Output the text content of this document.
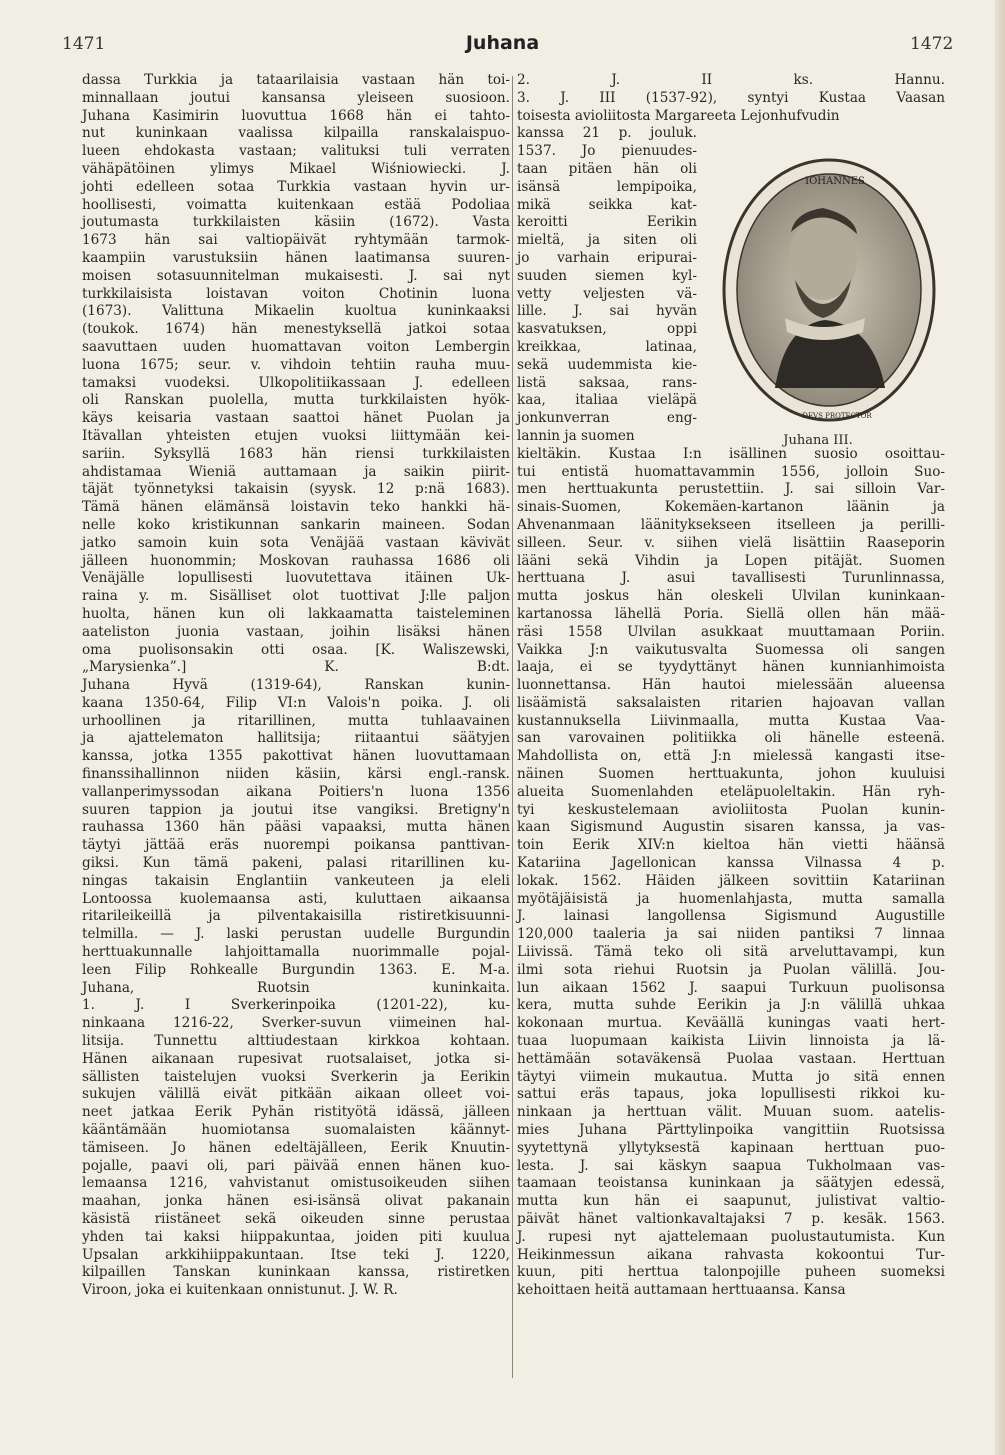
1471	Juhana	1472
dassa Turkkia ja tataarilaisia vastaan hän toi-
minnallaan joutui kansansa yleiseen suosioon.
Juhana Kasimirin luovuttua 1668 hän ei tahto-
nut kuninkaan vaalissa kilpailla ranskalaispuo-
lueen ehdokasta vastaan; valituksi tuli verraten
vähäpätöinen ylimys Mikael Wiśniowiecki. J.
johti edelleen sotaa Turkkia vastaan hyvin ur-
hoollisesti, voimatta kuitenkaan estää Podoliaa
joutumasta turkkilaisten käsiin (1672). Vasta
1673 hän sai valtiopäivät ryhtymään tarmok-
kaampiin varustuksiin hänen laatimansa suuren-
moisen sotasuunnitelman mukaisesti. J. sai nyt
turkkilaisista loistavan voiton Chotinin luona
(1673). Valittuna Mikaelin kuoltua kuninkaaksi
(toukok. 1674) hän menestyksellä jatkoi sotaa
saavuttaen uuden huomattavan voiton Lembergin
luona 1675; seur. v. vihdoin tehtiin rauha muu-
tamaksi vuodeksi. Ulkopolitiikassaan J. edelleen
oli Ranskan puolella, mutta turkkilaisten hyök-
käys keisaria vastaan saattoi hänet Puolan ja
Itävallan yhteisten etujen vuoksi liittymään kei-
sariin. Syksyllä 1683 hän riensi turkkilaisten
ahdistamaa Wieniä auttamaan ja saikin piirit-
täjät työnnetyksi takaisin (syysk. 12 p:nä 1683).
Tämä hänen elämänsä loistavin teko hankki hä-
nelle koko kristikunnan sankarin maineen. Sodan
jatko samoin kuin sota Venäjää vastaan kävivät
jälleen huonommin; Moskovan rauhassa 1686 oli
Venäjälle lopullisesti luovutettava itäinen Uk-
raina y. m. Sisälliset olot tuottivat J:lle paljon
huolta, hänen kun oli lakkaamatta taisteleminen
aateliston juonia vastaan, joihin lisäksi hänen
oma puolisonsakin otti osaa. [K. Waliszewski,
„Marysienka”.] K. B:dt.
Juhana Hyvä (1319-64), Ranskan kunin-
kaana 1350-64, Filip VI:n Valois'n poika. J. oli
urhoollinen ja ritarillinen, mutta tuhlaavainen
ja ajattelematon hallitsija; riitaantui säätyjen
kanssa, jotka 1355 pakottivat hänen luovuttamaan
finanssihallinnon niiden käsiin, kärsi engl.-ransk.
vallanperimyssodan aikana Poitiers'n luona 1356
suuren tappion ja joutui itse vangiksi. Bretigny'n
rauhassa 1360 hän pääsi vapaaksi, mutta hänen
täytyi jättää eräs nuorempi poikansa panttivan-
giksi. Kun tämä pakeni, palasi ritarillinen ku-
ningas takaisin Englantiin vankeuteen ja eleli
Lontoossa kuolemaansa asti, kuluttaen aikaansa
ritarileikeillä ja pilventakaisilla ristiretkisuunni-
telmilla. — J. laski perustan uudelle Burgundin
herttuakunnalle lahjoittamalla nuorimmalle pojal-
leen Filip Rohkealle Burgundin 1363. E. M-a.
Juhana, Ruotsin kuninkaita.
1. J. I Sverkerinpoika (1201-22), ku-
ninkaana 1216-22, Sverker-suvun viimeinen hal-
litsija. Tunnettu alttiudestaan kirkkoa kohtaan.
Hänen aikanaan rupesivat ruotsalaiset, jotka si-
sällisten taistelujen vuoksi Sverkerin ja Eerikin
sukujen välillä eivät pitkään aikaan olleet voi-
neet jatkaa Eerik Pyhän ristityötä idässä, jälleen
kääntämään huomiotansa suomalaisten käännyt-
tämiseen. Jo hänen edeltäjälleen, Eerik Knuutin-
pojalle, paavi oli, pari päivää ennen hänen kuo-
lemaansa 1216, vahvistanut omistusoikeuden siihen
maahan, jonka hänen esi-isänsä olivat pakanain
käsistä riistäneet sekä oikeuden sinne perustaa
yhden tai kaksi hiippakuntaa, joiden piti kuulua
Upsalan arkkihiippakuntaan. Itse teki J. 1220,
kilpaillen Tanskan kuninkaan kanssa, ristiretken
Viroon, joka ei kuitenkaan onnistunut. J. W. R.
2. J. II ks. Hannu.
3. J. III (1537-92), syntyi Kustaa Vaasan
toisesta avioliitosta Margareeta Lejonhufvudin
kanssa 21 p. jouluk.
1537. Jo pienuudes-
taan pitäen hän oli
isänsä lempipoika,
mikä seikka kat-
keroitti Eerikin
mieltä, ja siten oli
jo varhain eripurai-
suuden siemen kyl-
vetty veljesten vä-
lille. J. sai hyvän
kasvatuksen, oppi
kreikkaa, latinaa,
sekä uudemmista kie-
listä saksaa, rans-
kaa, italiaa vieläpä
jonkunverran eng-
lannin ja suomen
kieltäkin. Kustaa I:n isällinen suosio osoittau-
tui entistä huomattavammin 1556, jolloin Suo-
men herttuakunta perustettiin. J. sai silloin Var-
sinais-Suomen, Kokemäen-kartanon läänin ja
Ahvenanmaan läänityksekseen itselleen ja perilli-
silleen. Seur. v. siihen vielä lisättiin Raaseporin
lääni sekä Vihdin ja Lopen pitäjät. Suomen
herttuana J. asui tavallisesti Turunlinnassa,
mutta joskus hän oleskeli Ulvilan kuninkaan-
kartanossa lähellä Poria. Siellä ollen hän mää-
räsi 1558 Ulvilan asukkaat muuttamaan Poriin.
Vaikka J:n vaikutusvalta Suomessa oli sangen
laaja, ei se tyydyttänyt hänen kunnianhimoista
luonnettansa. Hän hautoi mielessään alueensa
lisäämistä saksalaisten ritarien hajoavan vallan
kustannuksella Liivinmaalla, mutta Kustaa Vaa-
san varovainen politiikka oli hänelle esteenä.
Mahdollista on, että J:n mielessä kangasti itse-
näinen Suomen herttuakunta, johon kuuluisi
alueita Suomenlahden eteläpuoleltakin. Hän ryh-
tyi keskustelemaan avioliitosta Puolan kunin-
kaan Sigismund Augustin sisaren kanssa, ja vas-
toin Eerik XIV:n kieltoa hän vietti häänsä
Katariina Jagellonican kanssa Vilnassa 4 p.
lokak. 1562. Häiden jälkeen sovittiin Katariinan
myötäjäisistä ja huomenlahjasta, mutta samalla
J. lainasi langollensa Sigismund Augustille
120,000 taaleria ja sai niiden pantiksi 7 linnaa
Liivissä. Tämä teko oli sitä arveluttavampi, kun
ilmi sota riehui Ruotsin ja Puolan välillä. Jou-
lun aikaan 1562 J. saapui Turkuun puolisonsa
kera, mutta suhde Eerikin ja J:n välillä uhkaa
kokonaan murtua. Keväällä kuningas vaati hert-
tuaa luopumaan kaikista Liivin linnoista ja lä-
hettämään sotaväkensä Puolaa vastaan. Herttuan
täytyi viimein mukautua. Mutta jo sitä ennen
sattui eräs tapaus, joka lopullisesti rikkoi ku-
ninkaan ja herttuan välit. Muuan suom. aatelis-
mies Juhana Pärttylinpoika vangittiin Ruotsissa
syytettynä yllytyksestä kapinaan herttuan puo-
lesta. J. sai käskyn saapua Tukholmaan vas-
taamaan teoistansa kuninkaan ja säätyjen edessä,
mutta kun hän ei saapunut, julistivat valtio-
päivät hänet valtionkavaltajaksi 7 p. kesäk. 1563.
J. rupesi nyt ajattelemaan puolustautumista. Kun
Heikinmessun aikana rahvasta kokoontui Tur-
kuun, piti herttua talonpojille puheen suomeksi
kehoittaen heitä auttamaan herttuaansa. Kansa
IOHANNES
DEVS PROTECTOR
Juhana III.
